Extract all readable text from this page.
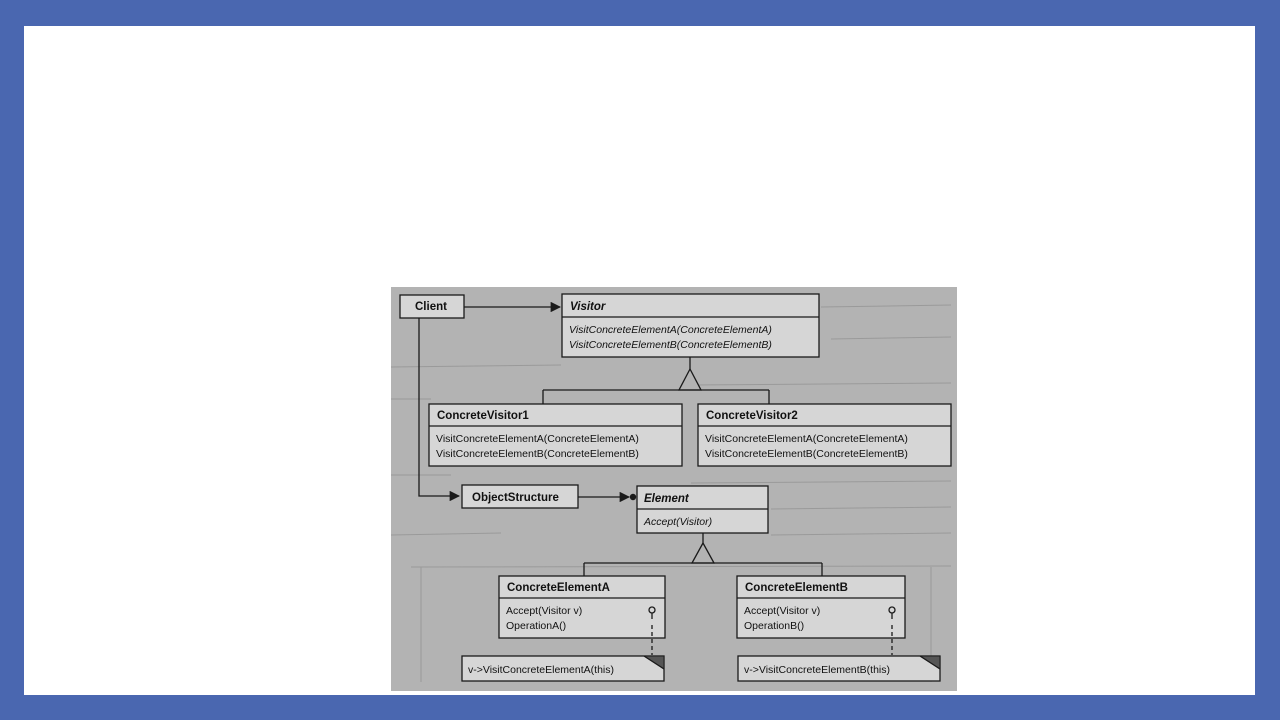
Client	Visitor
VisitConcreteElementA(ConcreteElementA)
VisitConcreteElementB(ConcreteElementB)
ConcreteVisitor1
VisitConcreteElementA(ConcreteElementA)
VisitConcreteElementB(ConcreteElementB)
ConcreteVisitor2
VisitConcreteElementA(ConcreteElementA)
VisitConcreteElementB(ConcreteElementB)
ObjectStructure	Element
Accept(Visitor)
ConcreteElementA
Accept(Visitor v)
OperationA()
v->VisitConcreteElementA(this)
ConcreteElementB
Accept(Visitor v)
OperationB()
v->VisitConcreteElementB(this)
